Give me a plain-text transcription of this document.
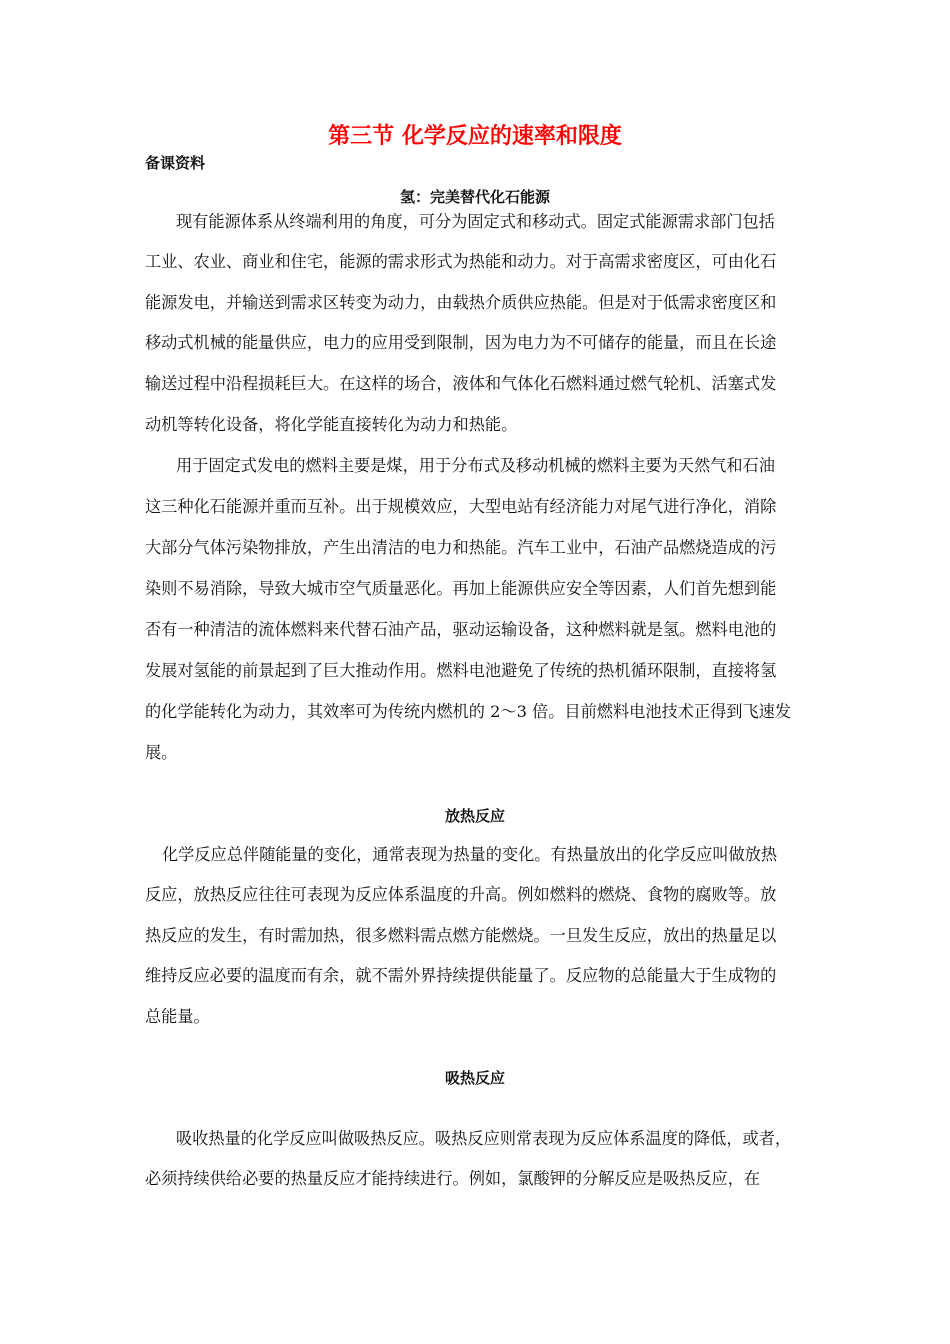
第三节 化学反应的速率和限度
备课资料
氢：完美替代化石能源
现有能源体系从终端利用的角度，可分为固定式和移动式。固定式能源需求部门包括
工业、农业、商业和住宅，能源的需求形式为热能和动力。对于高需求密度区，可由化石
能源发电，并输送到需求区转变为动力，由载热介质供应热能。但是对于低需求密度区和
移动式机械的能量供应，电力的应用受到限制，因为电力为不可储存的能量，而且在长途
输送过程中沿程损耗巨大。在这样的场合，液体和气体化石燃料通过燃气轮机、活塞式发
动机等转化设备，将化学能直接转化为动力和热能。
用于固定式发电的燃料主要是煤，用于分布式及移动机械的燃料主要为天然气和石油
这三种化石能源并重而互补。出于规模效应，大型电站有经济能力对尾气进行净化，消除
大部分气体污染物排放，产生出清洁的电力和热能。汽车工业中，石油产品燃烧造成的污
染则不易消除，导致大城市空气质量恶化。再加上能源供应安全等因素，人们首先想到能
否有一种清洁的流体燃料来代替石油产品，驱动运输设备，这种燃料就是氢。燃料电池的
发展对氢能的前景起到了巨大推动作用。燃料电池避免了传统的热机循环限制，直接将氢
的化学能转化为动力，其效率可为传统内燃机的 2～3 倍。目前燃料电池技术正得到飞速发
展。
放热反应
化学反应总伴随能量的变化，通常表现为热量的变化。有热量放出的化学反应叫做放热
反应，放热反应往往可表现为反应体系温度的升高。例如燃料的燃烧、食物的腐败等。放
热反应的发生，有时需加热，很多燃料需点燃方能燃烧。一旦发生反应，放出的热量足以
维持反应必要的温度而有余，就不需外界持续提供能量了。反应物的总能量大于生成物的
总能量。
吸热反应
吸收热量的化学反应叫做吸热反应。吸热反应则常表现为反应体系温度的降低，或者，
必须持续供给必要的热量反应才能持续进行。例如，氯酸钾的分解反应是吸热反应，在
